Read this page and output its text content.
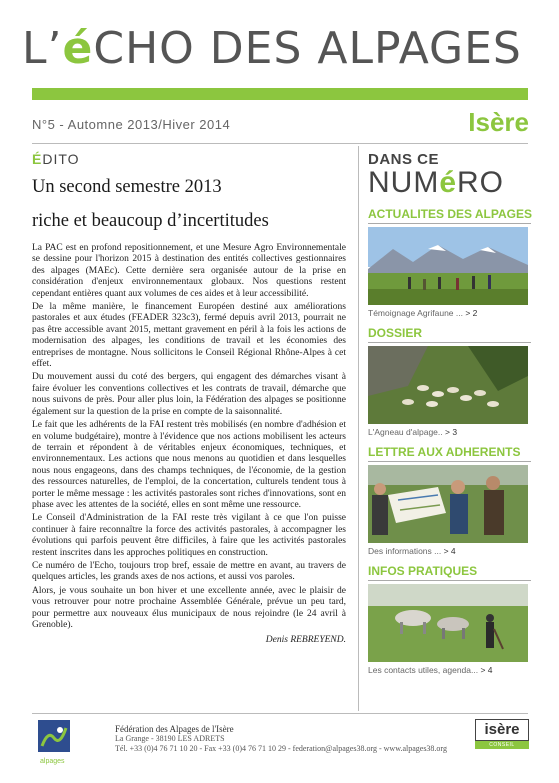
L’éCHO DES ALPAGES
N°5 - Automne 2013/Hiver 2014	Isère
ÉDITO
Un second semestre 2013
riche et beaucoup d’incertitudes

La PAC est en profond repositionnement, et une Mesure Agro Environnementale se dessine pour l'horizon 2015 à destination des entités collectives gestionnaires des alpages (MAEc). Cette dernière sera organisée autour de la prise en considération d'enjeux environnementaux globaux. Nos questions restent cependant entières quant aux volumes de ces aides et à leur accessibilité.

De la même manière, le financement Européen destiné aux améliorations pastorales et aux études (FEADER 323c3), fermé depuis avril 2013, pourrait ne pas être accessible avant 2015, mettant gravement en péril à la fois les actions de modernisation des alpages, les conditions de travail et les économies des entreprises de montagne. Nous sollicitons le Conseil Régional Rhône-Alpes à cet effet.

Du mouvement aussi du coté des bergers, qui engagent des démarches visant à faire évoluer les conventions collectives et les contrats de travail, démarche que nous suivons de près. Pour aller plus loin, la Fédération des alpages se positionne également sur la question de la prise en compte de la saisonnalité.

Le fait que les adhérents de la FAI restent très mobilisés (en nombre d'adhésion et en volume budgétaire), montre à l'évidence que nos actions mobilisent les acteurs de terrain et répondent à de véritables enjeux économiques, techniques, et environnementaux. Les actions que nous menons au quotidien et dans lesquelles nous nous engageons, dans des champs techniques, de l'économie, de la gestion des ressources naturelles, de l'emploi, de la concertation, culturels tendent tous à porter le même message : les activités pastorales sont riches d'innovations, sont en phase avec les attentes de la société, elles en sont même une ressource.

Le Conseil d'Administration de la FAI reste très vigilant à ce que l'on puisse continuer à faire reconnaître la force des activités pastorales, à accompagner les évolutions qui parfois peuvent être difficiles, à faire que les activités pastorales restent inscrites dans les approches politiques en construction.

Ce numéro de l'Echo, toujours trop bref, essaie de mettre en avant, au travers de quelques articles, les grands axes de nos actions, et aussi vos paroles.

Alors, je vous souhaite un bon hiver et une excellente année, avec le plaisir de vous retrouver pour notre prochaine Assemblée Générale, prévue un peu tard, pour permettre aux nouveaux élus municipaux de nous rejoindre (le 24 avril à Grenoble).

Denis REBREYEND.
DANS CE
NUMéRO
ACTUALITES DES ALPAGES
Témoignage Agrifaune ... > 2
DOSSIER
L'Agneau d'alpage.. > 3
LETTRE AUX ADHERENTS
Des informations ... > 4
INFOS PRATIQUES
Les contacts utiles, agenda... > 4
alpages
Fédération des Alpages de l'Isère
La Grange - 38190 LES ADRETS
Tél. +33 (0)4 76 71 10 20 - Fax +33 (0)4 76 71 10 29 - federation@alpages38.org - www.alpages38.org
isère
CONSEIL GÉNÉRAL
